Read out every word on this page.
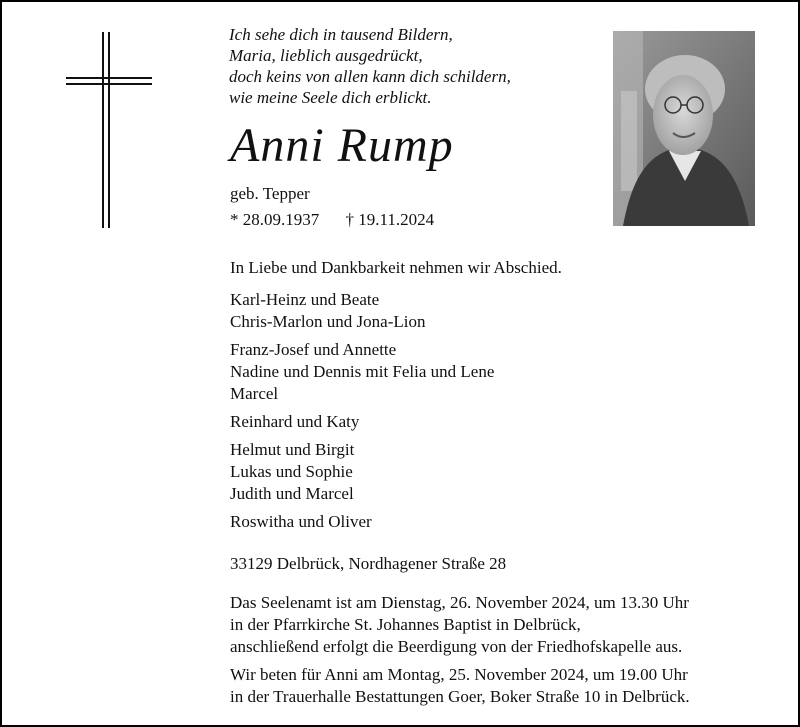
Ich sehe dich in tausend Bildern,
Maria, lieblich ausgedrückt,
doch keins von allen kann dich schildern,
wie meine Seele dich erblickt.
Anni Rump
geb. Tepper
* 28.09.1937 † 19.11.2024
In Liebe und Dankbarkeit nehmen wir Abschied.
Karl-Heinz und Beate
Chris-Marlon und Jona-Lion
Franz-Josef und Annette
Nadine und Dennis mit Felia und Lene
Marcel
Reinhard und Katy
Helmut und Birgit
Lukas und Sophie
Judith und Marcel
Roswitha und Oliver
33129 Delbrück, Nordhagener Straße 28
Das Seelenamt ist am Dienstag, 26. November 2024, um 13.30 Uhr
in der Pfarrkirche St. Johannes Baptist in Delbrück,
anschließend erfolgt die Beerdigung von der Friedhofskapelle aus.
Wir beten für Anni am Montag, 25. November 2024, um 19.00 Uhr
in der Trauerhalle Bestattungen Goer, Boker Straße 10 in Delbrück.
